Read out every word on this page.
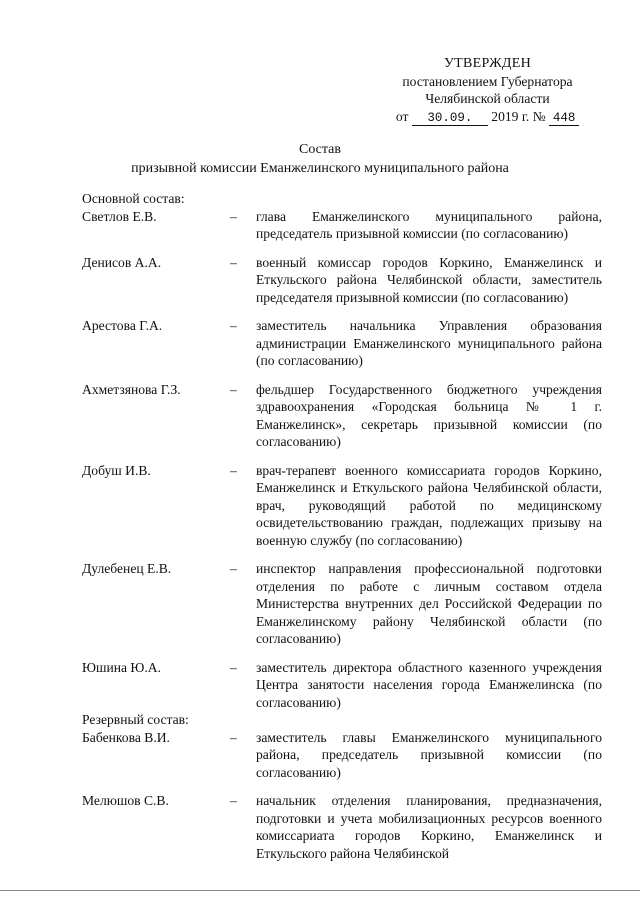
УТВЕРЖДЕН
постановлением Губернатора
Челябинской области
от 30.09. 2019 г. № 448
Состав
призывной комиссии Еманжелинского муниципального района
Основной состав:
Светлов Е.В.	–	глава Еманжелинского муниципального района, председатель призывной комиссии (по согласованию)
Денисов А.А.	–	военный комиссар городов Коркино, Еманжелинск и Еткульского района Челябинской области, заместитель председателя призывной комиссии (по согласованию)
Арестова Г.А.	–	заместитель начальника Управления образования администрации Еманжелинского муниципального района (по согласованию)
Ахметзянова Г.З.	–	фельдшер Государственного бюджетного учреждения здравоохранения «Городская больница № 1 г. Еманжелинск», секретарь призывной комиссии (по согласованию)
Добуш И.В.	–	врач-терапевт военного комиссариата городов Коркино, Еманжелинск и Еткульского района Челябинской области, врач, руководящий работой по медицинскому освидетельствованию граждан, подлежащих призыву на военную службу (по согласованию)
Дулебенец Е.В.	–	инспектор направления профессиональной подготовки отделения по работе с личным составом отдела Министерства внутренних дел Российской Федерации по Еманжелинскому району Челябинской области (по согласованию)
Юшина Ю.А.	–	заместитель директора областного казенного учреждения Центра занятости населения города Еманжелинска (по согласованию)
Резервный состав:
Бабенкова В.И.	–	заместитель главы Еманжелинского муниципального района, председатель призывной комиссии (по согласованию)
Мелюшов С.В.	–	начальник отделения планирования, предназначения, подготовки и учета мобилизационных ресурсов военного комиссариата городов Коркино, Еманжелинск и Еткульского района Челябинской
